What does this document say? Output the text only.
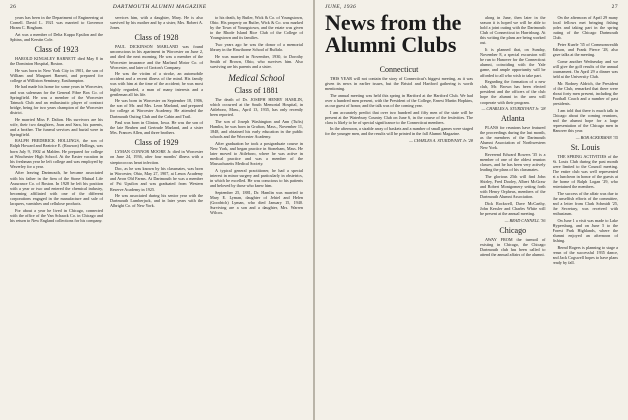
26	DARTMOUTH ALUMNI MAGAZINE

years has been in the Department of Engineering at Cornell. David L. 1921 was married to Governor Hiram C. Bingham.

Art was a member of Delta Kappa Epsilon and the Sphinx, and Kerstin Cole.

Class of 1923

HAROLD KINGSLEY BARNETT died May 8 in the Dominion Hospital, Boston.

He was born in New York City in 1901, the son of William and Margaret Barnett, and prepared for college at Williston Seminary, Easthampton.

He had made his home for some years in Worcester, and was salesman for the General Fibre Box Co. of Springfield. He was a member of the Worcester Tatnuck Club and an enthusiastic player of contract bridge, being for two years champion of the Worcester district.

He married Miss F. Dalton. His survivors are his wife, their two daughters, Joan and Sara, his parents, and a brother. The funeral services and burial were in Springfield.

RALPH FREDERICK HOLLINGS, the son of Ralph Howard and Beatrice E. (Rawson) Hollings, was born July 9, 1902 at Malden. He prepared for college at Winchester High School. At the Easter vacation in his freshman year he left college and was employed by Waverley for a year.

After leaving Dartmouth, he became associated with his father in the firm of the Stone Mutual Life Assurance Co. of Boston. In 1928 he left his position with a year or two and entered the chemical industry, becoming affiliated with one of the different corporations engaged in the manufacture and sale of lacquers, varnishes and cellulose products.

For about a year he lived in Chicago, connected with the office of the Van Schaack Co. in Chicago and his return to New England collections for his company.

services him, with a daughter, Mary. He is also survived by his mother and by a sister, Mrs. Robert A. Jones.

Class of 1928

PAUL DICKINSON MARLAND was found unconscious in his apartment in Worcester on June 2, and died the next morning. He was a member of the Worcester insurance and the Marland Motor Co. of Worcester, and later of Groton's Company.

He was the victim of a stroke, an automobile accident and a recent illness of the mind. His family was with him at the time of the accident; he was most highly regarded, a man of many interests and a gentleman all his life.

He was born in Worcester on September 18, 1906, the son of Mr. and Mrs. Leon Marland, and prepared for college at Worcester Academy. He attended the Dartmouth Outing Club and the Cabin and Trail.

Paul was born in Clinton, Iowa. He was the son of the late Reuben and Gertrude Marland, and a sister Mrs. Frances Allen, and three brothers.

Class of 1929

LYMAN CONNOR MOORE Jr. died in Worcester on June 24, 1936, after four months' illness with a streptococcus heart infection.

Doc, as he was known by his classmates, was born in Worcester, Ohio, May 27, 1907, at Lenox Academy and Avon Old Farms. At Dartmouth he was a member of Psi Upsilon and was graduated from Western Reserve Academy in 1925.

He was associated during his senior year with the Dartmouth Lumberjack, and in later years with the Albright Co. of New York.

to his death, by Butler, Wick & Co. of Youngstown, Ohio. His property on Butler, Wick & Co. was marked by the Town of Youngstown, and the estate was given to the Rhode Island Rice Club of the College of Youngstown and its families.

Two years ago he was the donor of a memorial library in the Hawthorne School of Buffalo.

He was married in November, 1930, to Dorothy Smith of Brown, Ohio, who survives him. Also surviving are his parents and a sister.

Medical School
Class of 1881

The death of Dr. JOSEPH HENRY HAMLIN, which occurred at the South Memorial Hospital, in Attleboro, Mass., April 13, 1935, has only recently been reported.

The son of Joseph Washington and Ann (Tufts) Hamlin, he was born in Grafton, Mass., November 11, 1848, and obtained his early education in the public schools and the Worcester Academy.

After graduation he took a postgraduate course in New York, and began practice in Stoneham, Mass. He later moved to Attleboro, where he was active in medical practice and was a member of the Massachusetts Medical Society.

A typical general practitioner, he had a special interest in minor surgery and particularly in obstetrics, in which he excelled. He was conscious to his patients and beloved by those who knew him.

September 25, 1881, Dr. Hamlin was married to Mary E. Lyman, daughter of Jehiel and Helen (Goodrich) Lyman, who died January 15, 1940. Surviving are a son and a daughter, Mrs. Warren Wilcox.

JUNE, 1936	27
News from the Alumni Clubs

along in June, then later in the season it is hoped we will be able to hold a joint outing with the Dartmouth Club of Connecticut in Harrisburg. At this writing the plans are being worked out.

It is planned that, on Sunday, November 8, a special excursion will be run to Hanover for the Connecticut alumni, coinciding with the Yale game, and ample opportunity will be afforded to all who wish to take part.

Regarding the formation of a new club, Mr. Brown has been elected president and the officers of the club hope the alumni in the area will cooperate with their program.

— CHARLES A. STURDIVANT Jr. '28
Atlanta

PLANS for reunions have featured the proceedings during the last month, as the members of the Dartmouth Alumni Association of Northwestern New York.

Reverend Edward Bowers '35 is a member of one of the oldest reunion classes, and he has been very actively leading the plans of his classmates.

The glorious 25th will find John Shirley, Fred Dooley, Albert McGraw and Robert Montgomery setting forth with Henry Orpheus, members of the Dartmouth Alumni Association.

Dick Rockwell, Dave McCarthy, John Kessler and Charles White will be present at the annual meeting.

— BRAD CANNELL '36
Chicago

AWAY FROM the turmoil of existing in Chicago, the Chicago Dartmouth club has been called to attend the annual affairs of the alumni.

On the afternoon of April 29 many local fellows met bringing fishing poles and taking part in the spring outing of the Chicago Dartmouth Club.

Peter Kurrle '35 of Commonwealth Edison, and Frank Pierce '28, also gave talks at the meeting.

Come another Wednesday and we will give the golf results of the annual tournament. On April 29 a dinner was held at the University Club.

Mr. Rodney Aldrich, the President of the Club, remarked that there were about forty men present, including the Football Coach and a number of past presidents.

I am told that there is much talk in Chicago about the coming reunions, and the alumni hope for a large representation of the Chicago men in Hanover this year.

— BOB ACKERMAN '35
St. Louis

THE SPRING ACTIVITIES of the St. Louis Club during the past month were limited to the Council meeting. The entire club was well represented at a luncheon in honor of the guests at the home of Ralph Logan '29, who entertained the members.

The success of the affair was due to the unselfish efforts of the committee, and a letter from Clark Schmidt '25, the Secretary, was received with enthusiasm.

On June 1 a visit was made to Lake Hypersburg, and on June 5 to the Forest Park Highlands, where the alumni enjoyed an afternoon of fishing.

Bernd Rogers is planning to stage a rerun of the successful 1935 dance, and Jack Cogswell hopes to have plans ready by fall.

Connecticut

THIS YEAR will not contain the story of Connecticut's biggest meeting, as it was given its news in earlier issues, but the Bristol and Hartford gathering is worth mentioning.

The annual meeting was held this spring in Hartford at the Hartford Club. We had over a hundred men present, with the President of the College, Ernest Martin Hopkins, as our guest of honor, and the talk was of the coming year.

I am accurately predict that over two hundred and fifty men of the state will be present at the Waterbury Country Club on June 6, in the course of the festivities. The class is likely to be of special significance to the Connecticut members.

In the afternoon, a sizable array of baskets and a number of small games were staged for the younger men, and the results will be printed in the fall Alumni Magazine.

— CHARLES A. STURDIVANT Jr. '28
